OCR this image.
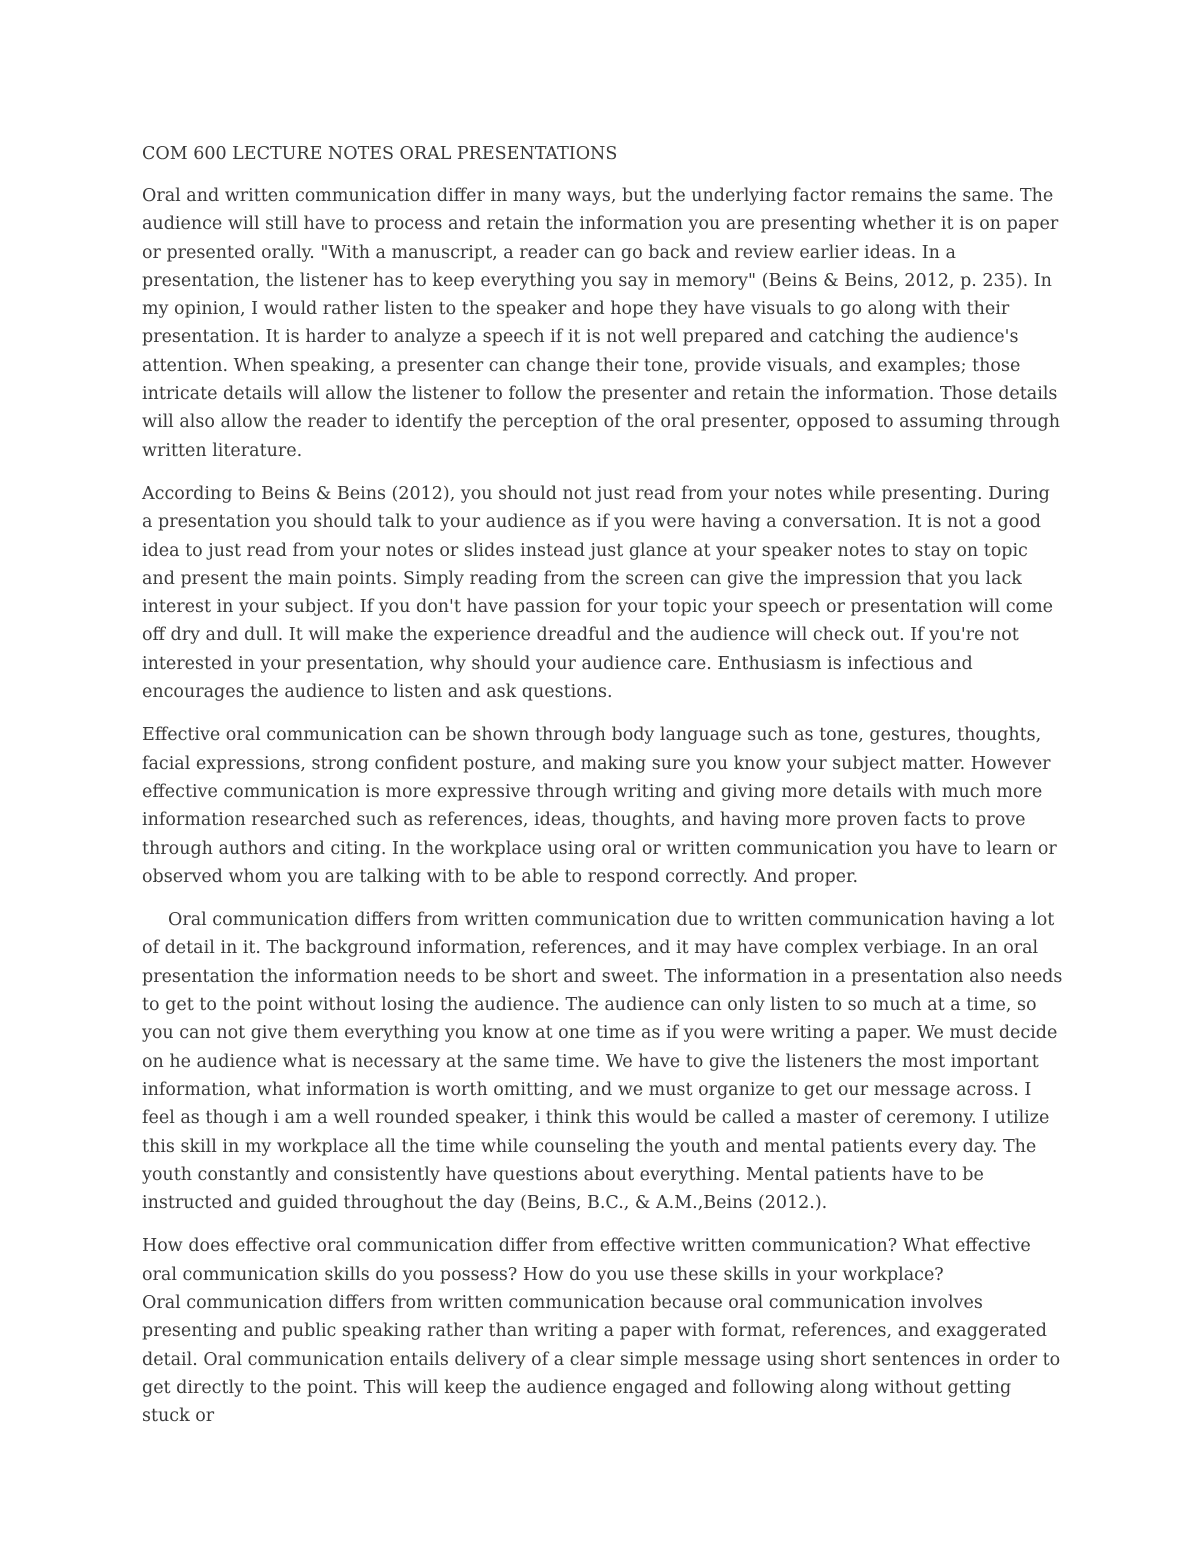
COM 600 LECTURE NOTES ORAL PRESENTATIONS

Oral and written communication differ in many ways, but the underlying factor remains the same. The audience will still have to process and retain the information you are presenting whether it is on paper or presented orally. "With a manuscript, a reader can go back and review earlier ideas. In a presentation, the listener has to keep everything you say in memory" (Beins & Beins, 2012, p. 235). In my opinion, I would rather listen to the speaker and hope they have visuals to go along with their presentation. It is harder to analyze a speech if it is not well prepared and catching the audience's attention. When speaking, a presenter can change their tone, provide visuals, and examples; those intricate details will allow the listener to follow the presenter and retain the information. Those details will also allow the reader to identify the perception of the oral presenter, opposed to assuming through written literature.

According to Beins & Beins (2012), you should not just read from your notes while presenting. During a presentation you should talk to your audience as if you were having a conversation. It is not a good idea to just read from your notes or slides instead just glance at your speaker notes to stay on topic and present the main points. Simply reading from the screen can give the impression that you lack interest in your subject. If you don't have passion for your topic your speech or presentation will come off dry and dull. It will make the experience dreadful and the audience will check out. If you're not interested in your presentation, why should your audience care. Enthusiasm is infectious and encourages the audience to listen and ask questions.

Effective oral communication can be shown through body language such as tone, gestures, thoughts, facial expressions, strong confident posture, and making sure you know your subject matter. However effective communication is more expressive through writing and giving more details with much more information researched such as references, ideas, thoughts, and having more proven facts to prove through authors and citing. In the workplace using oral or written communication you have to learn or observed whom you are talking with to be able to respond correctly. And proper.

Oral communication differs from written communication due to written communication having a lot of detail in it. The background information, references, and it may have complex verbiage. In an oral presentation the information needs to be short and sweet. The information in a presentation also needs to get to the point without losing the audience. The audience can only listen to so much at a time, so you can not give them everything you know at one time as if you were writing a paper. We must decide on he audience what is necessary at the same time. We have to give the listeners the most important information, what information is worth omitting, and we must organize to get our message across. I feel as though i am a well rounded speaker, i think this would be called a master of ceremony. I utilize this skill in my workplace all the time while counseling the youth and mental patients every day. The youth constantly and consistently have questions about everything. Mental patients have to be instructed and guided throughout the day (Beins, B.C., & A.M.,Beins (2012.).

How does effective oral communication differ from effective written communication? What effective oral communication skills do you possess? How do you use these skills in your workplace?

Oral communication differs from written communication because oral communication involves presenting and public speaking rather than writing a paper with format, references, and exaggerated detail. Oral communication entails delivery of a clear simple message using short sentences in order to get directly to the point. This will keep the audience engaged and following along without getting stuck or
